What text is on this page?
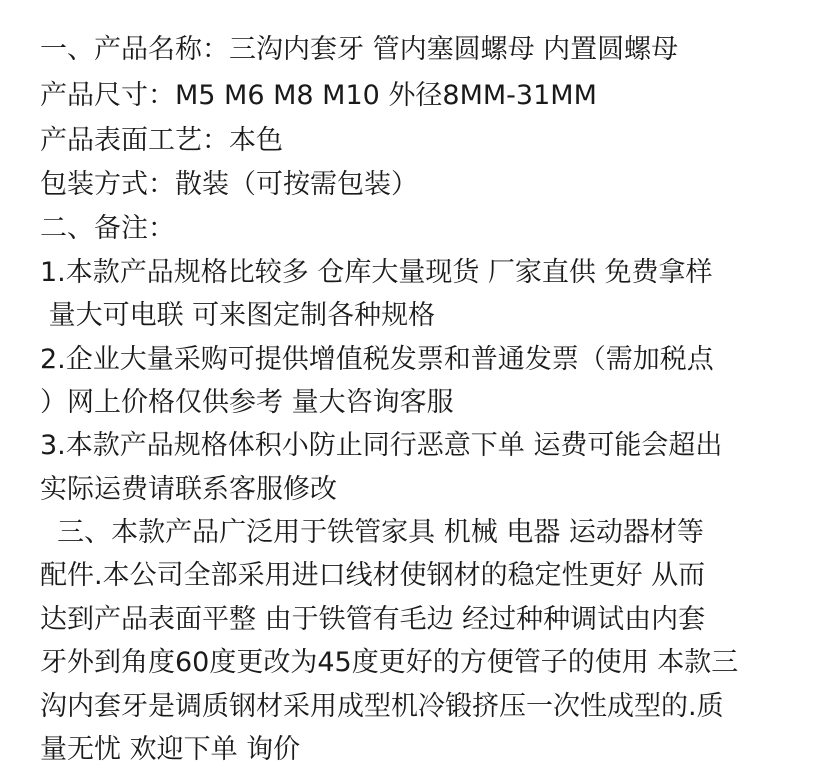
一、产品名称：三沟内套牙 管内塞圆螺母 内置圆螺母
产品尺寸：M5 M6 M8 M10 外径8MM-31MM
产品表面工艺：本色
包装方式：散装（可按需包装）
二、备注：
1.本款产品规格比较多 仓库大量现货 厂家直供 免费拿样
量大可电联 可来图定制各种规格
2.企业大量采购可提供增值税发票和普通发票（需加税点
）网上价格仅供参考 量大咨询客服
3.本款产品规格体积小防止同行恶意下单 运费可能会超出
实际运费请联系客服修改
三、本款产品广泛用于铁管家具 机械 电器 运动器材等
配件.本公司全部采用进口线材使钢材的稳定性更好 从而
达到产品表面平整 由于铁管有毛边 经过种种调试由内套
牙外到角度60度更改为45度更好的方便管子的使用 本款三
沟内套牙是调质钢材采用成型机冷锻挤压一次性成型的.质
量无忧 欢迎下单 询价
